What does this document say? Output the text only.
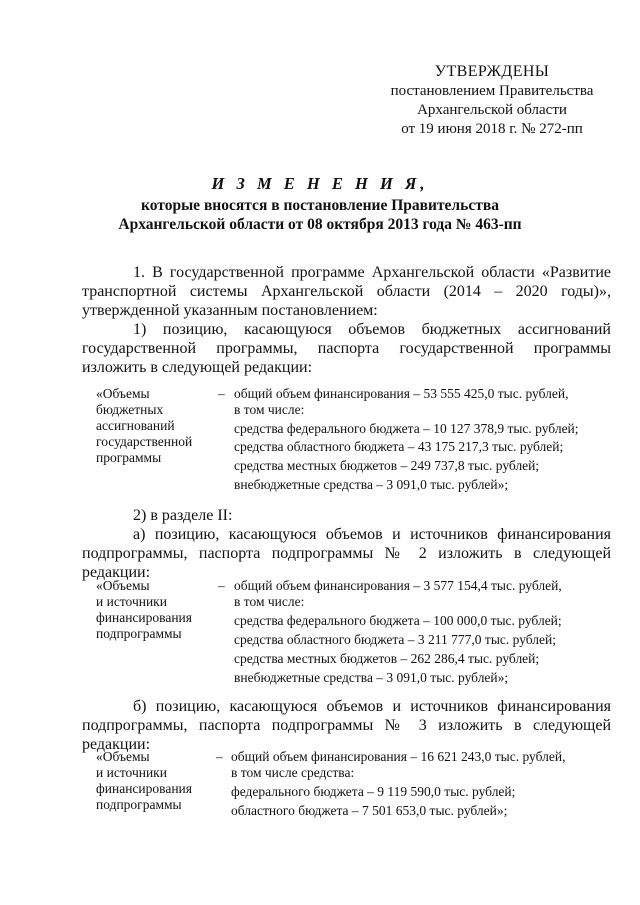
УТВЕРЖДЕНЫ
постановлением Правительства
Архангельской области
от 19 июня 2018 г. № 272-пп
И З М Е Н Е Н И Я,
которые вносятся в постановление Правительства
Архангельской области от 08 октября 2013 года № 463-пп
1. В государственной программе Архангельской области «Развитие
транспортной системы Архангельской области (2014 – 2020 годы)»,
утвержденной указанным постановлением:
1) позицию, касающуюся объемов бюджетных ассигнований
государственной программы, паспорта государственной программы
изложить в следующей редакции:
«Объемы
бюджетных
ассигнований
государственной
программы
– общий объем финансирования – 53 555 425,0 тыс. рублей,
в том числе:
средства федерального бюджета – 10 127 378,9 тыс. рублей;
средства областного бюджета – 43 175 217,3 тыс. рублей;
средства местных бюджетов – 249 737,8 тыс. рублей;
внебюджетные средства – 3 091,0 тыс. рублей»;
2) в разделе II:
а) позицию, касающуюся объемов и источников финансирования
подпрограммы, паспорта подпрограммы № 2 изложить в следующей редакции:
«Объемы
и источники
финансирования
подпрограммы
– общий объем финансирования – 3 577 154,4 тыс. рублей,
в том числе:
средства федерального бюджета – 100 000,0 тыс. рублей;
средства областного бюджета – 3 211 777,0 тыс. рублей;
средства местных бюджетов – 262 286,4 тыс. рублей;
внебюджетные средства – 3 091,0 тыс. рублей»;
б) позицию, касающуюся объемов и источников финансирования
подпрограммы, паспорта подпрограммы № 3 изложить в следующей редакции:
«Объемы
и источники
финансирования
подпрограммы
– общий объем финансирования – 16 621 243,0 тыс. рублей,
в том числе средства:
федерального бюджета – 9 119 590,0 тыс. рублей;
областного бюджета – 7 501 653,0 тыс. рублей»;
